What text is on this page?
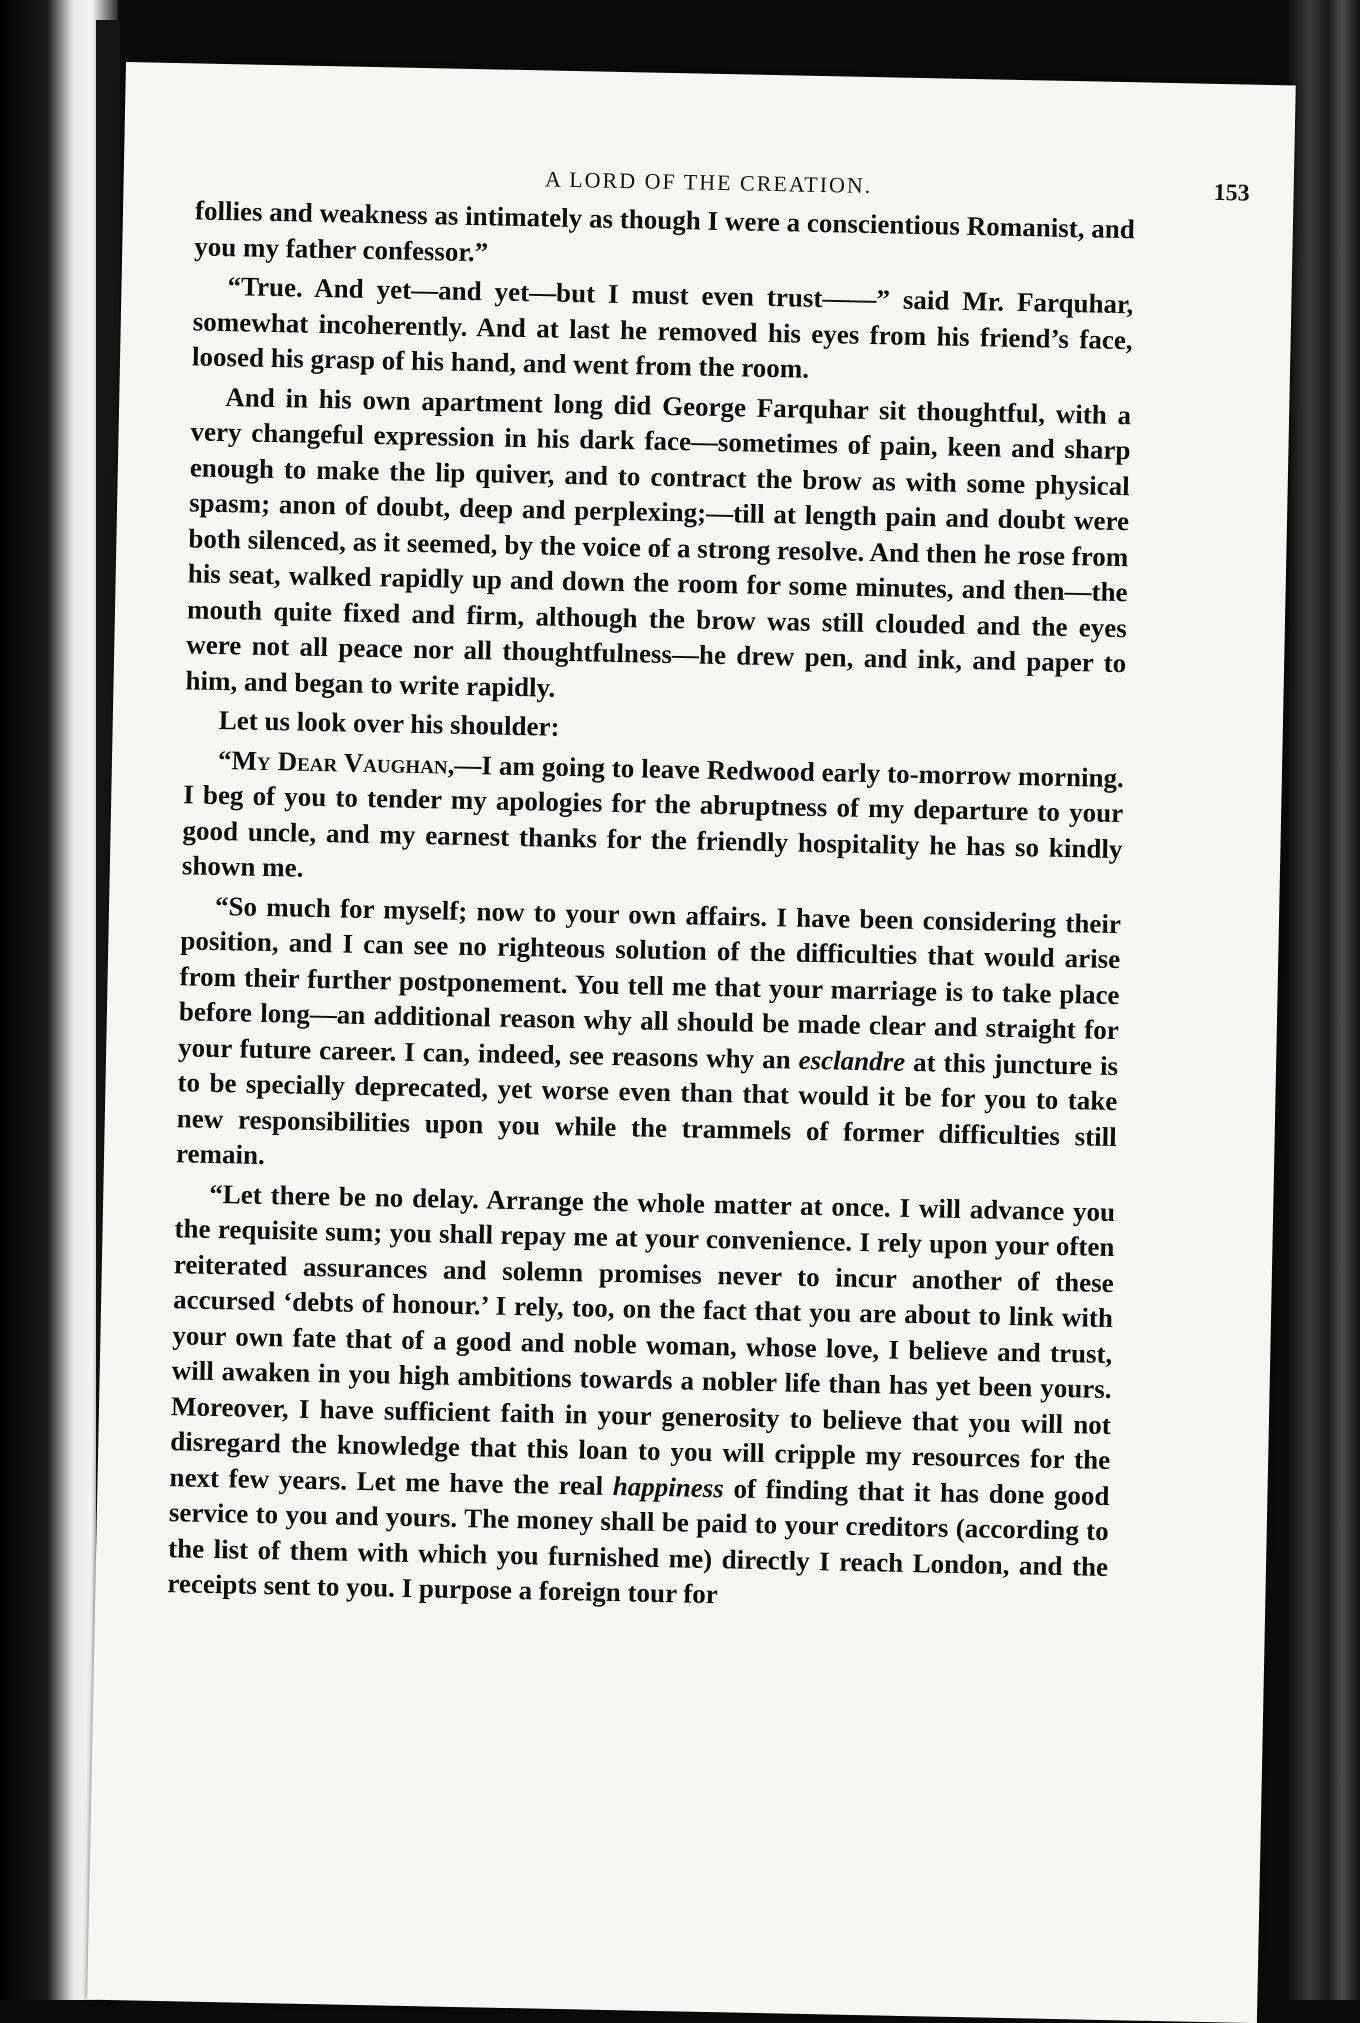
A LORD OF THE CREATION.	153

follies and weakness as intimately as though I were a conscientious Romanist, and you my father confessor.”

“True. And yet—and yet—but I must even trust——” said Mr. Farquhar, somewhat incoherently. And at last he removed his eyes from his friend’s face, loosed his grasp of his hand, and went from the room.

And in his own apartment long did George Farquhar sit thoughtful, with a very changeful expression in his dark face—sometimes of pain, keen and sharp enough to make the lip quiver, and to contract the brow as with some physical spasm; anon of doubt, deep and perplexing;—till at length pain and doubt were both silenced, as it seemed, by the voice of a strong resolve. And then he rose from his seat, walked rapidly up and down the room for some minutes, and then—the mouth quite fixed and firm, although the brow was still clouded and the eyes were not all peace nor all thoughtfulness—he drew pen, and ink, and paper to him, and began to write rapidly.

Let us look over his shoulder:

“My Dear Vaughan,—I am going to leave Redwood early to-morrow morning. I beg of you to tender my apologies for the abruptness of my departure to your good uncle, and my earnest thanks for the friendly hospitality he has so kindly shown me.

“So much for myself; now to your own affairs. I have been considering their position, and I can see no righteous solution of the difficulties that would arise from their further postponement. You tell me that your marriage is to take place before long—an additional reason why all should be made clear and straight for your future career. I can, indeed, see reasons why an esclandre at this juncture is to be specially deprecated, yet worse even than that would it be for you to take new responsibilities upon you while the trammels of former difficulties still remain.

“Let there be no delay. Arrange the whole matter at once. I will advance you the requisite sum; you shall repay me at your convenience. I rely upon your often reiterated assurances and solemn promises never to incur another of these accursed ‘debts of honour.’ I rely, too, on the fact that you are about to link with your own fate that of a good and noble woman, whose love, I believe and trust, will awaken in you high ambitions towards a nobler life than has yet been yours. Moreover, I have sufficient faith in your generosity to believe that you will not disregard the knowledge that this loan to you will cripple my resources for the next few years. Let me have the real happiness of finding that it has done good service to you and yours. The money shall be paid to your creditors (according to the list of them with which you furnished me) directly I reach London, and the receipts sent to you. I purpose a foreign tour for
